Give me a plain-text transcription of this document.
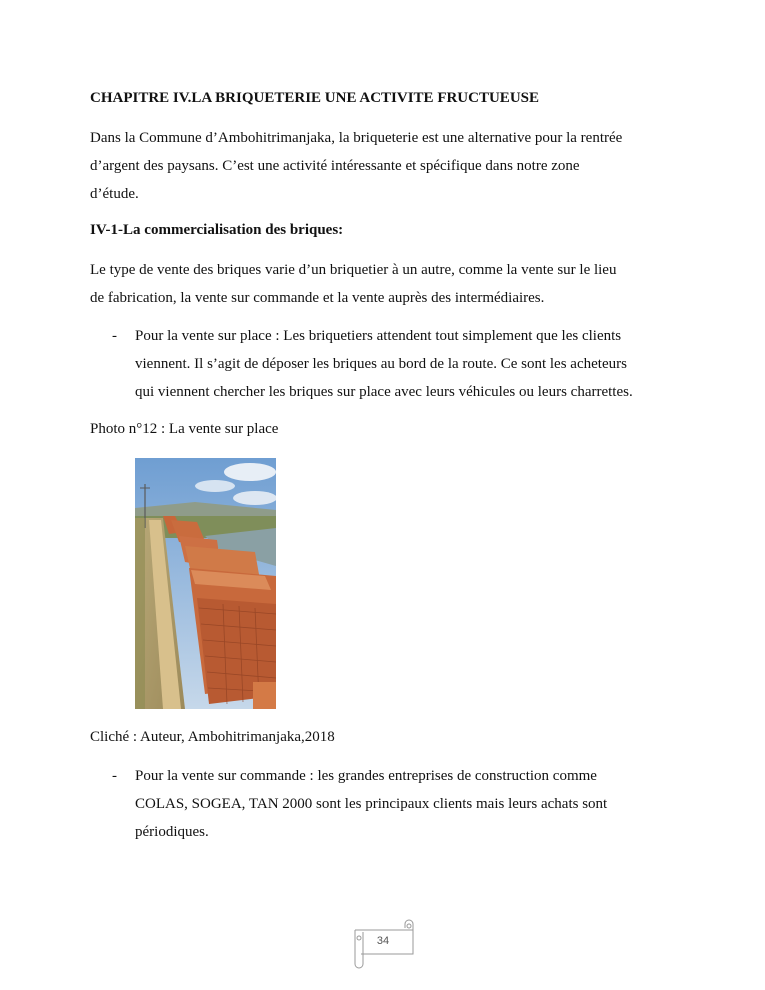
CHAPITRE IV.LA BRIQUETERIE UNE ACTIVITE FRUCTUEUSE
Dans la Commune d’Ambohitrimanjaka, la briqueterie est une alternative pour la rentrée
d’argent des paysans. C’est une activité intéressante et spécifique dans notre zone
d’étude.
IV-1-La commercialisation des briques:
Le type de vente des briques varie d’un briquetier à un autre, comme la vente sur le lieu
de fabrication, la vente sur commande et la vente auprès des intermédiaires.
- Pour la vente sur place : Les briquetiers attendent tout simplement que les clients
viennent. Il s’agit de déposer les briques au bord de la route. Ce sont les acheteurs
qui viennent chercher les briques sur place avec leurs véhicules ou leurs charrettes.
Photo n°12 : La vente sur place
Cliché : Auteur, Ambohitrimanjaka,2018
- Pour la vente sur commande : les grandes entreprises de construction comme
COLAS, SOGEA, TAN 2000 sont les principaux clients mais leurs achats sont
périodiques.
34
